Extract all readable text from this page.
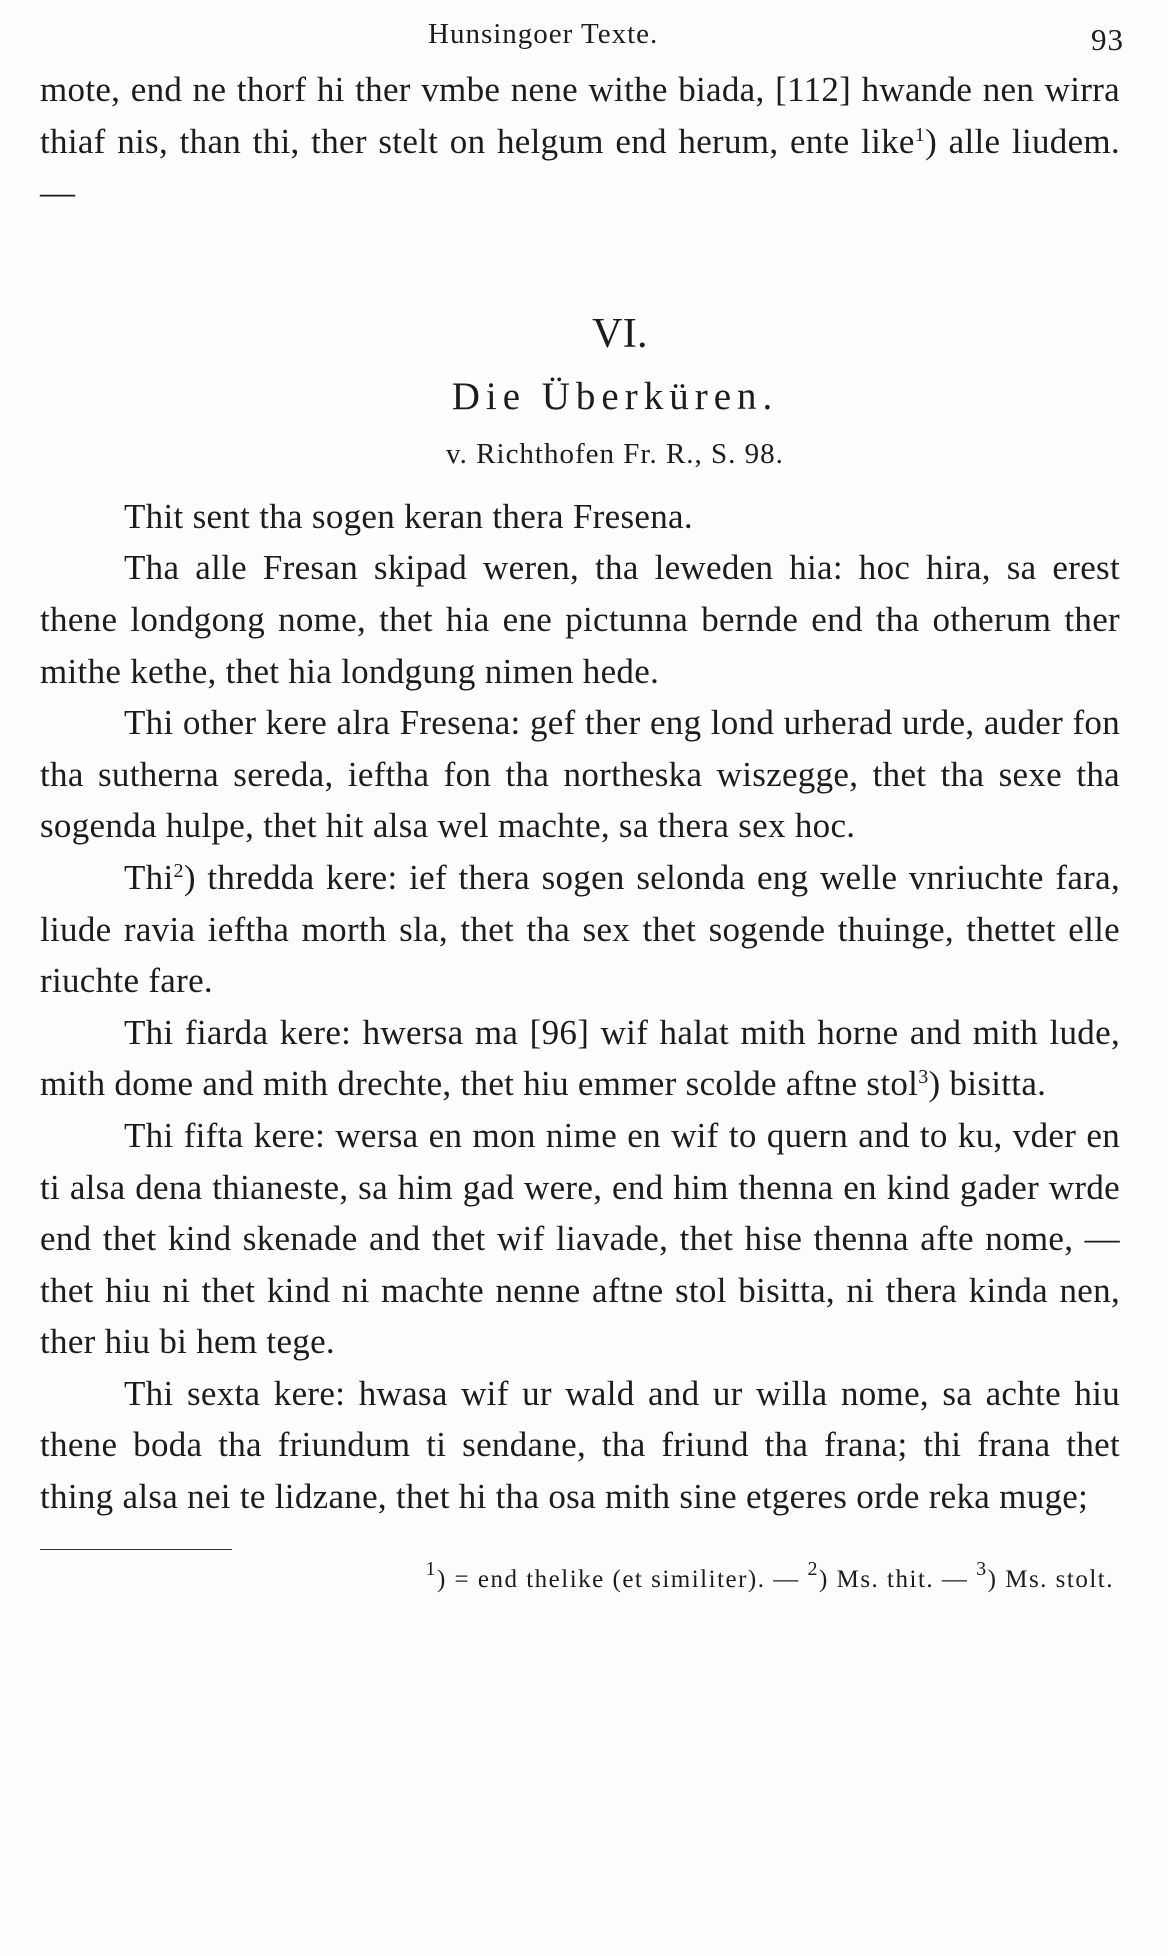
Hunsingoer Texte.	93

mote, end ne thorf hi ther vmbe nene withe biada, [112] hwande nen wirra thiaf nis, than thi, ther stelt on helgum end herum, ente like$^1$) alle liudem. —

VI.
Die Überküren.
v. Richthofen Fr. R., S. 98.

Thit sent tha sogen keran thera Fresena.

Tha alle Fresan skipad weren, tha leweden hia: hoc hira, sa erest thene londgong nome, thet hia ene pictunna bernde end tha otherum ther mithe kethe, thet hia londgung nimen hede.

Thi other kere alra Fresena: gef ther eng lond urherad urde, auder fon tha sutherna sereda, ieftha fon tha northeska wiszegge, thet tha sexe tha sogenda hulpe, thet hit alsa wel machte, sa thera sex hoc.

Thi$^2$) thredda kere: ief thera sogen selonda eng welle vnriuchte fara, liude ravia ieftha morth sla, thet tha sex thet sogende thuinge, thettet elle riuchte fare.

Thi fiarda kere: hwersa ma [96] wif halat mith horne and mith lude, mith dome and mith drechte, thet hiu emmer scolde aftne stol$^3$) bisitta.

Thi fifta kere: wersa en mon nime en wif to quern and to ku, vder en ti alsa dena thianeste, sa him gad were, end him thenna en kind gader wrde end thet kind skenade and thet wif liavade, thet hise thenna afte nome, — thet hiu ni thet kind ni machte nenne aftne stol bisitta, ni thera kinda nen, ther hiu bi hem tege.

Thi sexta kere: hwasa wif ur wald and ur willa nome, sa achte hiu thene boda tha friundum ti sendane, tha friund tha frana; thi frana thet thing alsa nei te lidzane, thet hi tha osa mith sine etgeres orde reka muge;

$^1$) = end thelike (et similiter). — $^2$) Ms. thit. — $^3$) Ms. stolt.
